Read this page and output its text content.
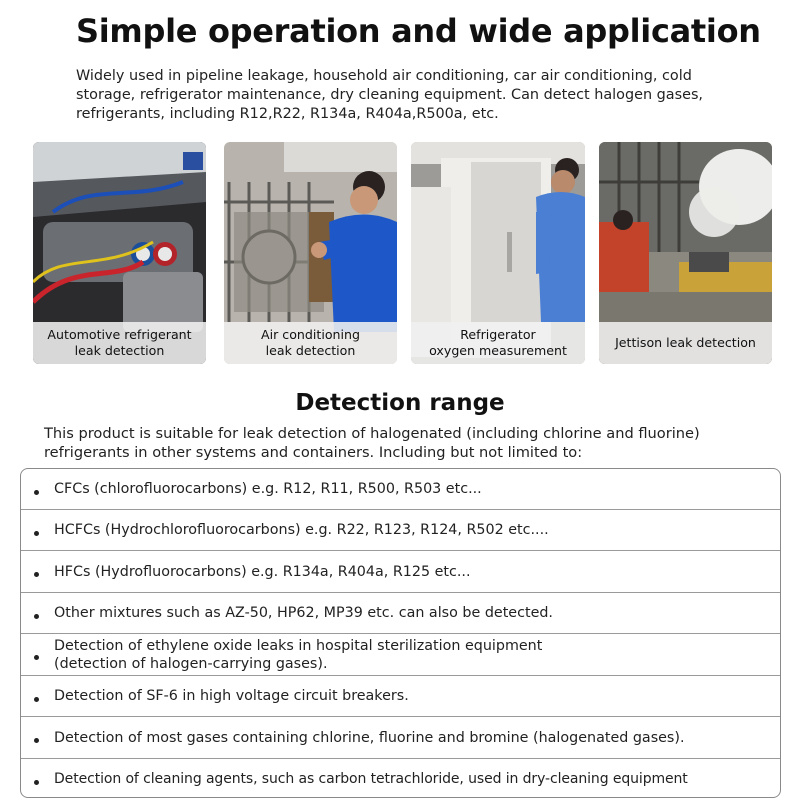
Simple operation and wide application
Widely used in pipeline leakage, household air conditioning, car air conditioning, cold storage, refrigerator maintenance, dry cleaning equipment. Can detect halogen gases, refrigerants, including R12,R22, R134a, R404a,R500a, etc.
Automotive refrigerant
leak detection
Air conditioning
leak detection
Refrigerator
oxygen measurement
Jettison leak detection
Detection range
This product is suitable for leak detection of halogenated (including chlorine and fluorine) refrigerants in other systems and containers. Including but not limited to:
CFCs (chlorofluorocarbons) e.g. R12, R11, R500, R503 etc...
HCFCs (Hydrochlorofluorocarbons) e.g. R22, R123, R124, R502 etc....
HFCs (Hydrofluorocarbons) e.g. R134a, R404a, R125 etc...
Other mixtures such as AZ-50, HP62, MP39 etc. can also be detected.
Detection of ethylene oxide leaks in hospital sterilization equipment (detection of halogen-carrying gases).
Detection of SF-6 in high voltage circuit breakers.
Detection of most gases containing chlorine, fluorine and bromine (halogenated gases).
Detection of cleaning agents, such as carbon tetrachloride, used in dry-cleaning equipment
